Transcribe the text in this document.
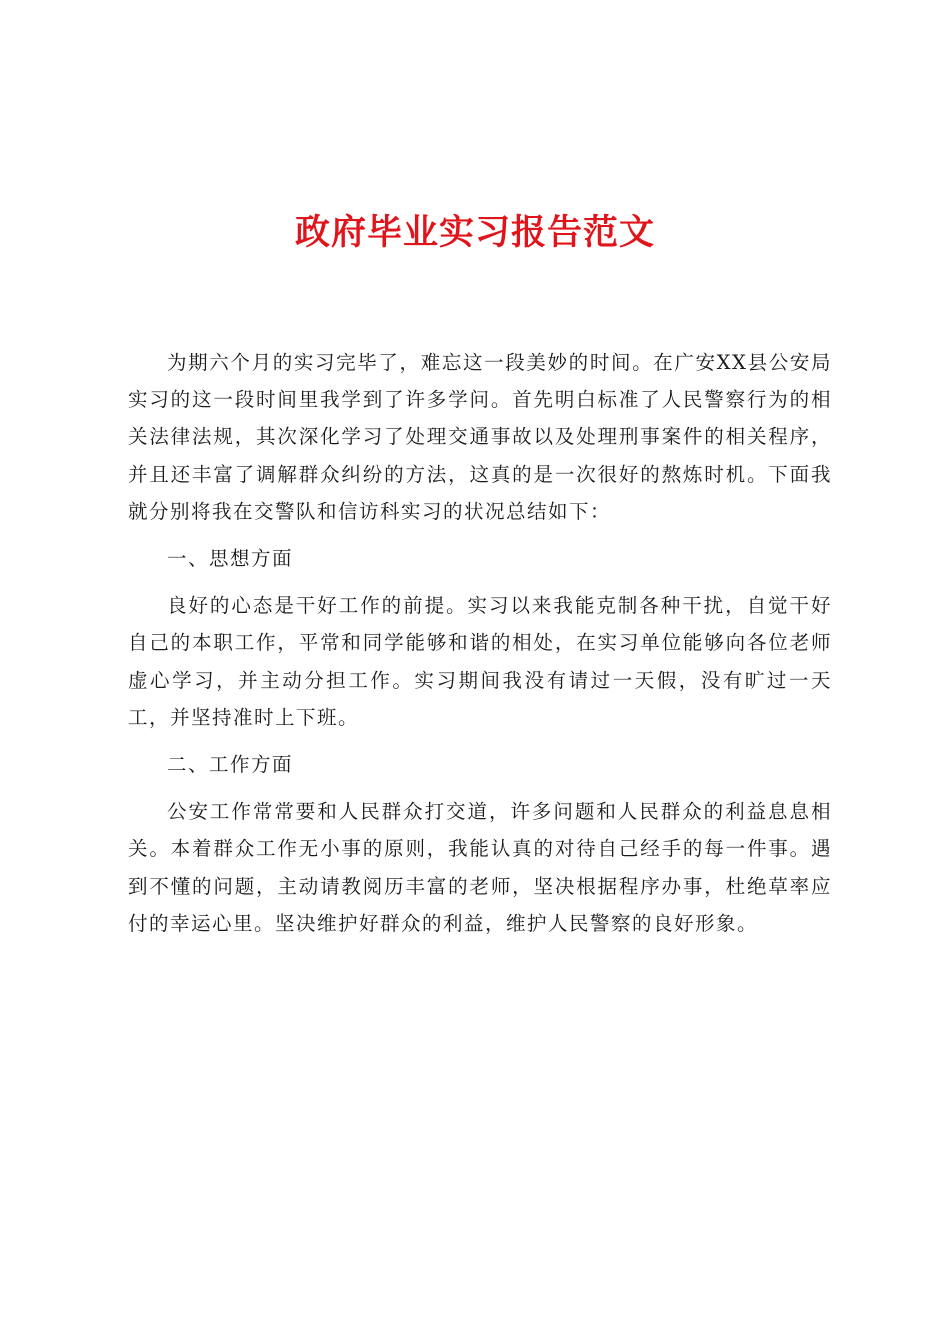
政府毕业实习报告范文

为期六个月的实习完毕了，难忘这一段美妙的时间。在广安XX县公安局实习的这一段时间里我学到了许多学问。首先明白标准了人民警察行为的相关法律法规，其次深化学习了处理交通事故以及处理刑事案件的相关程序，并且还丰富了调解群众纠纷的方法，这真的是一次很好的熬炼时机。下面我就分别将我在交警队和信访科实习的状况总结如下：

一、思想方面

良好的心态是干好工作的前提。实习以来我能克制各种干扰，自觉干好自己的本职工作，平常和同学能够和谐的相处，在实习单位能够向各位老师虚心学习，并主动分担工作。实习期间我没有请过一天假，没有旷过一天工，并坚持准时上下班。

二、工作方面

公安工作常常要和人民群众打交道，许多问题和人民群众的利益息息相关。本着群众工作无小事的原则，我能认真的对待自己经手的每一件事。遇到不懂的问题，主动请教阅历丰富的老师，坚决根据程序办事，杜绝草率应付的幸运心里。坚决维护好群众的利益，维护人民警察的良好形象。
